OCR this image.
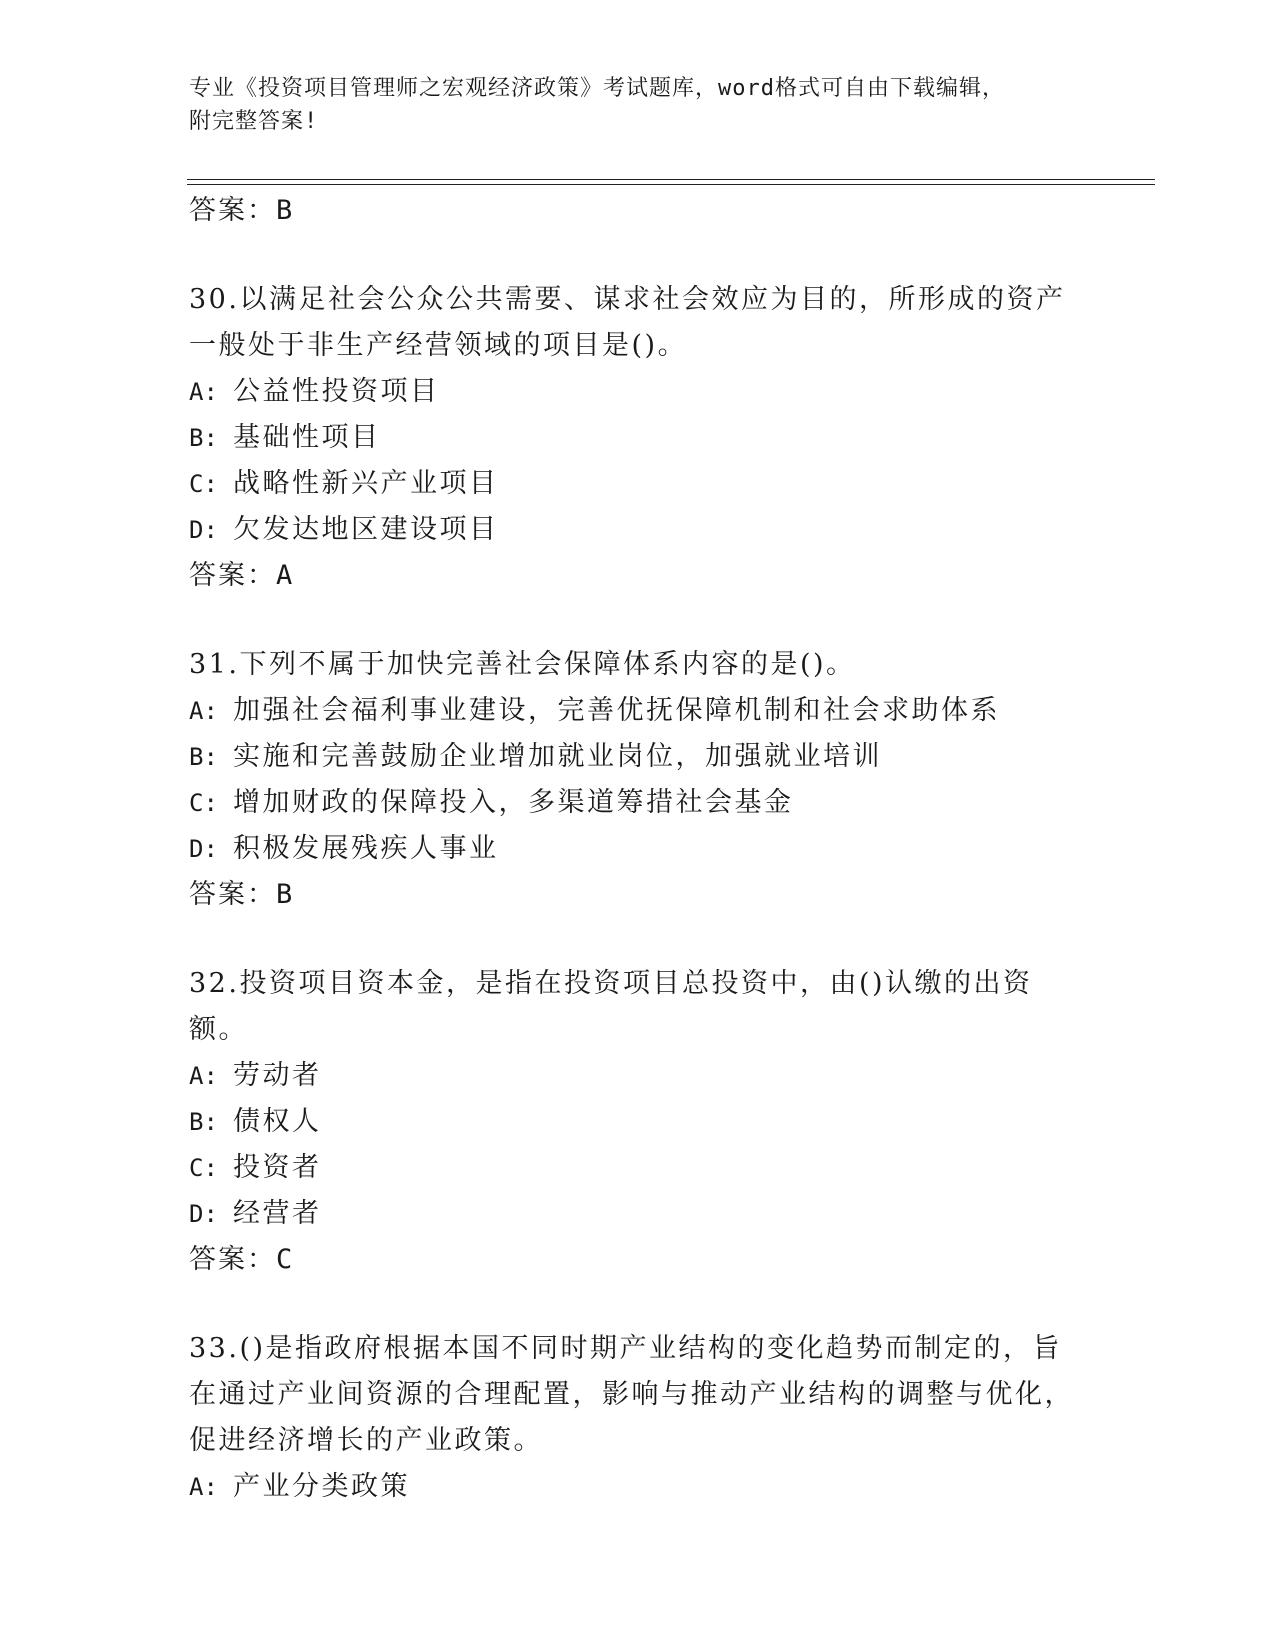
专业《投资项目管理师之宏观经济政策》考试题库，word格式可自由下载编辑，
附完整答案!
答案：B
30.以满足社会公众公共需要、谋求社会效应为目的，所形成的资产一般处于非生产经营领域的项目是()。
A: 公益性投资项目
B: 基础性项目
C: 战略性新兴产业项目
D: 欠发达地区建设项目
答案：A
31.下列不属于加快完善社会保障体系内容的是()。
A: 加强社会福利事业建设，完善优抚保障机制和社会求助体系
B: 实施和完善鼓励企业增加就业岗位，加强就业培训
C: 增加财政的保障投入，多渠道筹措社会基金
D: 积极发展残疾人事业
答案：B
32.投资项目资本金，是指在投资项目总投资中，由()认缴的出资额。
A: 劳动者
B: 债权人
C: 投资者
D: 经营者
答案：C
33.()是指政府根据本国不同时期产业结构的变化趋势而制定的，旨在通过产业间资源的合理配置，影响与推动产业结构的调整与优化，促进经济增长的产业政策。
A: 产业分类政策
